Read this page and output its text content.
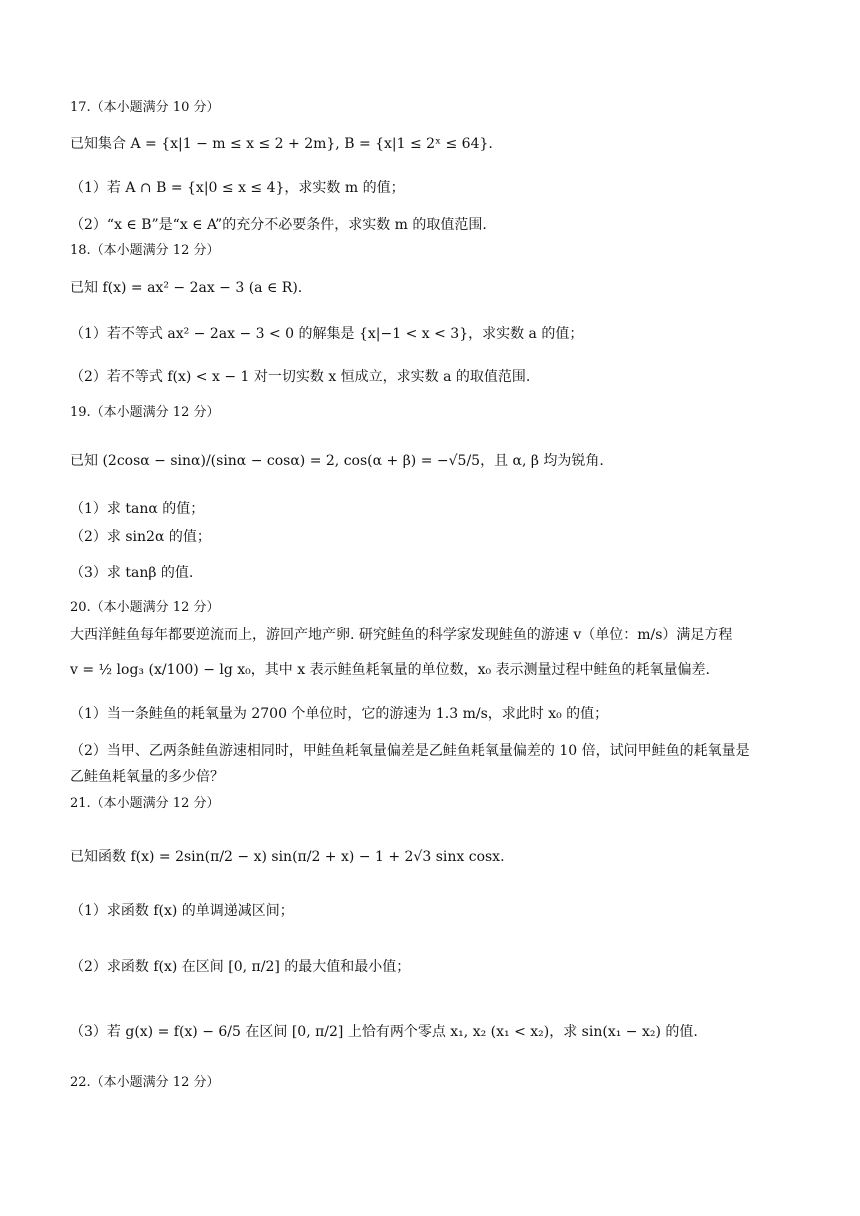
17.（本小题满分 10 分）
已知集合 A = {x|1 − m ≤ x ≤ 2 + 2m}, B = {x|1 ≤ 2ˣ ≤ 64}.
（1）若 A ∩ B = {x|0 ≤ x ≤ 4}，求实数 m 的值；
（2）“x ∈ B”是“x ∈ A”的充分不必要条件，求实数 m 的取值范围.
18.（本小题满分 12 分）
已知 f(x) = ax² − 2ax − 3 (a ∈ R).
（1）若不等式 ax² − 2ax − 3 < 0 的解集是 {x|−1 < x < 3}，求实数 a 的值；
（2）若不等式 f(x) < x − 1 对一切实数 x 恒成立，求实数 a 的取值范围.
19.（本小题满分 12 分）
已知 (2cosα − sinα)/(sinα − cosα) = 2, cos(α + β) = −√5/5，且 α, β 均为锐角.
（1）求 tanα 的值；
（2）求 sin2α 的值；
（3）求 tanβ 的值.
20.（本小题满分 12 分）
大西洋鲑鱼每年都要逆流而上，游回产地产卵. 研究鲑鱼的科学家发现鲑鱼的游速 v（单位：m/s）满足方程
v = ½ log₃ (x/100) − lg x₀，其中 x 表示鲑鱼耗氧量的单位数，x₀ 表示测量过程中鲑鱼的耗氧量偏差.
（1）当一条鲑鱼的耗氧量为 2700 个单位时，它的游速为 1.3 m/s，求此时 x₀ 的值；
（2）当甲、乙两条鲑鱼游速相同时，甲鲑鱼耗氧量偏差是乙鲑鱼耗氧量偏差的 10 倍，试问甲鲑鱼的耗氧量是
乙鲑鱼耗氧量的多少倍？
21.（本小题满分 12 分）
已知函数 f(x) = 2sin(π/2 − x) sin(π/2 + x) − 1 + 2√3 sinx cosx.
（1）求函数 f(x) 的单调递减区间；
（2）求函数 f(x) 在区间 [0, π/2] 的最大值和最小值；
（3）若 g(x) = f(x) − 6/5 在区间 [0, π/2] 上恰有两个零点 x₁, x₂ (x₁ < x₂)，求 sin(x₁ − x₂) 的值.
22.（本小题满分 12 分）
